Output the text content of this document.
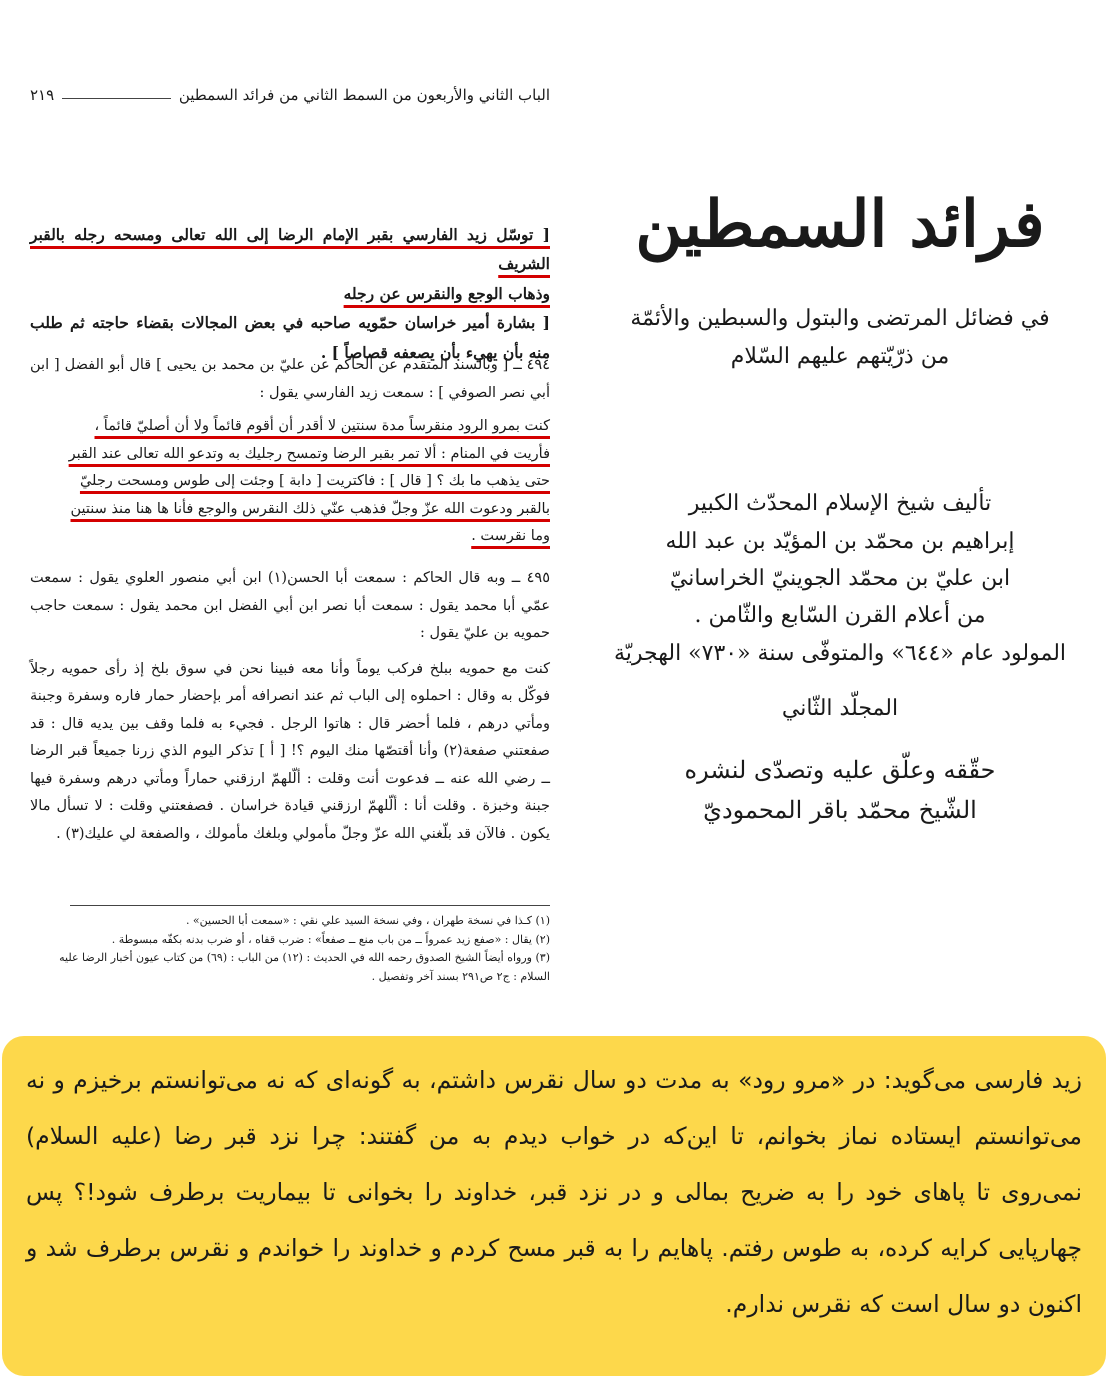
الباب الثاني والأربعون من السمط الثاني من فرائد السمطين
٢١٩
[ توسّل زيد الفارسي بقبر الإمام الرضا إلى الله تعالى ومسحه رجله بالقبر الشريف
وذهاب الوجع والنقرس عن رجله
[ بشارة أمير خراسان حمّويه صاحبه في بعض المجالات بقضاء حاجته ثم طلب منه بأن يهيء بأن يصعفه قصاصاً ] .
٤٩٤ ــ [ وبالسند المتقدم عن الحاكم عن عليّ بن محمد بن يحيى ] قال أبو الفضل [ ابن أبي نصر الصوفي ] : سمعت زيد الفارسي يقول :
كنت بمرو الرود منقرساً مدة سنتين لا أقدر أن أقوم قائماً ولا أن أصليّ قائماً ،
فأريت في المنام : ألا تمر بقبر الرضا وتمسح رجليك به وتدعو الله تعالى عند القبر
حتى يذهب ما بك ؟ [ قال ] : فاكتريت [ دابة ] وجئت إلى طوس ومسحت رجليّ
بالقبر ودعوت الله عزّ وجلّ فذهب عنّي ذلك النقرس والوجع فأنا ها هنا منذ سنتين
وما نقرست .
٤٩٥ ــ وبه قال الحاكم : سمعت أبا الحسن(١) ابن أبي منصور العلوي يقول : سمعت عمّي أبا محمد يقول : سمعت أبا نصر ابن أبي الفضل ابن محمد يقول : سمعت حاجب حمويه بن عليّ يقول :
كنت مع حمويه ببلخ فركب يوماً وأنا معه فبينا نحن في سوق بلخ إذ رأى حمويه رجلاً فوكّل به وقال : احملوه إلى الباب ثم عند انصرافه أمر بإحضار حمار فاره وسفرة وجبنة ومأتي درهم ، فلما أحضر قال : هاتوا الرجل . فجيء به فلما وقف بين يديه قال : قد صفعتني صفعة(٢) وأنا أقتصّها منك اليوم ؟! [ أ ] تذكر اليوم الذي زرنا جميعاً قبر الرضا ــ رضي الله عنه ــ فدعوت أنت وقلت : ألّلهمّ ارزقني حماراً ومأتي درهم وسفرة فيها جبنة وخبزة . وقلت أنا : ألّلهمّ ارزقني قيادة خراسان . فصفعتني وقلت : لا تسأل مالا يكون . فالآن قد بلّغني الله عزّ وجلّ مأمولي وبلغك مأمولك ، والصفعة لي عليك(٣) .
(١) كـذا في نسخة طهران ، وفي نسخة السيد علي نقي : «سمعت أبا الحسين» .
(٢) يقال : «صفع زيد عمرواً ــ من باب منع ــ صفعاً» : ضرب قفاه ، أو ضرب بدنه بكفّه مبسوطة .
(٣) ورواه أيضاً الشيخ الصدوق رحمه الله في الحديث : (١٢) من الباب : (٦٩) من كتاب عيون أخبار الرضا عليه السلام : ج٢ ص٢٩١ بسند آخر وتفصيل .
فرائد السمطين

في فضائل المرتضى والبتول والسبطين والأئمّة

من ذرّيّتهم عليهم السّلام

تأليف شيخ الإسلام المحدّث الكبير

إبراهيم بن محمّد بن المؤيّد بن عبد الله

ابن عليّ بن محمّد الجوينيّ الخراسانيّ

من أعلام القرن السّابع والثّامن .

المولود عام «٦٤٤» والمتوفّى سنة «٧٣٠» الهجريّة

المجلّد الثّاني

حقّقه وعلّق عليه وتصدّى لنشره

الشّيخ محمّد باقر المحموديّ

زید فارسی می‌گوید: در «مرو رود» به مدت دو سال نقرس داشتم، به گونه‌ای که نه می‌توانستم برخیزم و نه می‌توانستم ایستاده نماز بخوانم، تا این‌که در خواب دیدم به من گفتند: چرا نزد قبر رضا (علیه السلام) نمی‌روی تا پاهای خود را به ضریح بمالی و در نزد قبر، خداوند را بخوانی تا بیماریت برطرف شود!؟ پس چهارپایی کرایه کرده، به طوس رفتم. پاهایم را به قبر مسح کردم و خداوند را خواندم و نقرس برطرف شد و اکنون دو سال است که نقرس ندارم.
